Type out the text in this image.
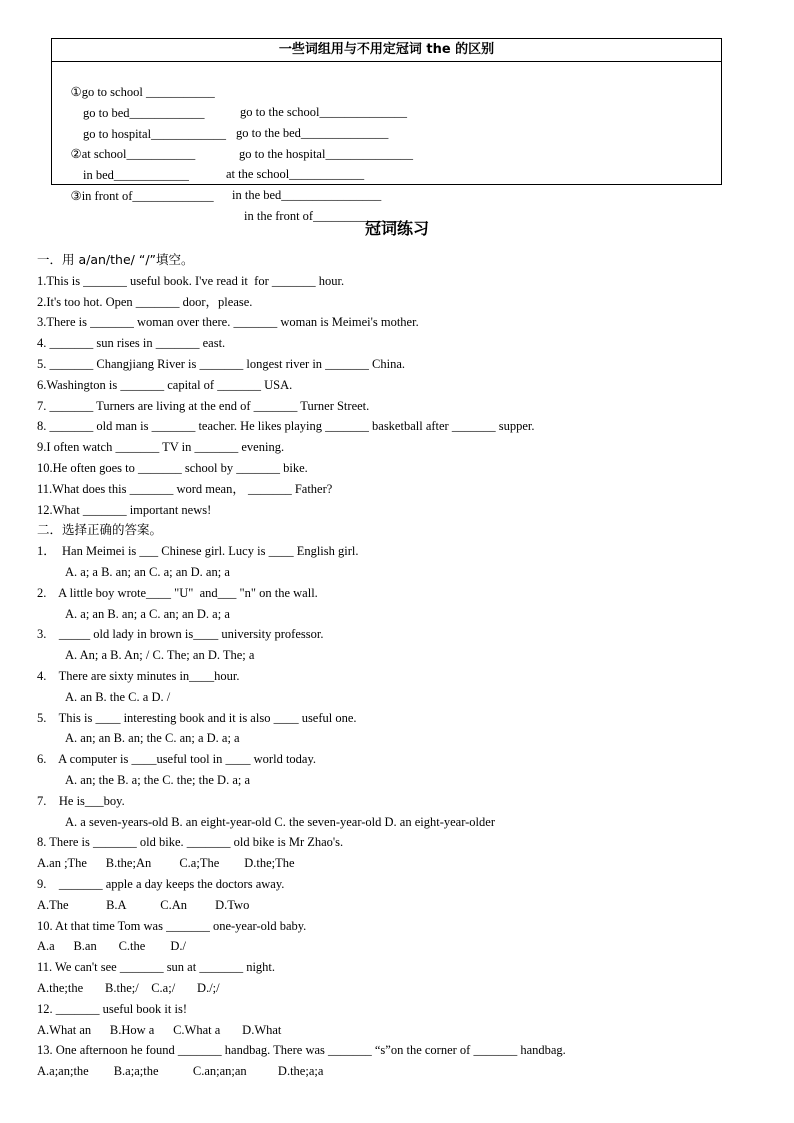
一些词组用与不用定冠词 the 的区别

①go to school ___________

go to the school______________

go to bed____________

go to the bed______________

go to hospital____________

go to the hospital______________

②at school___________

at the school____________

in bed____________

in the bed________________

③in front of_____________

in the front of______________

冠词练习
一．用 a/an/the/ “/”填空。
1.This is _______ useful book. I've read it  for _______ hour.
2.It's too hot. Open _______ door，please.
3.There is _______ woman over there. _______ woman is Meimei's mother.
4. _______ sun rises in _______ east.
5. _______ Changjiang River is _______ longest river in _______ China.
6.Washington is _______ capital of _______ USA.
7. _______ Turners are living at the end of _______ Turner Street.
8. _______ old man is _______ teacher. He likes playing _______ basketball after _______ supper.
9.I often watch _______ TV in _______ evening.
10.He often goes to _______ school by _______ bike.
11.What does this _______ word mean， _______ Father?
12.What _______ important news!
二．选择正确的答案。
1．  Han Meimei is ___ Chinese girl. Lucy is ____ English girl.
A. a; a B. an; an C. a; an D. an; a
2.    A little boy wrote____ "U"  and___ "n" on the wall.
A. a; an B. an; a C. an; an D. a; a
3.    _____ old lady in brown is____ university professor.
A. An; a B. An; / C. The; an D. The; a
4.    There are sixty minutes in____hour.
A. an B. the C. a D. /
5.    This is ____ interesting book and it is also ____ useful one.
A. an; an B. an; the C. an; a D. a; a
6.    A computer is ____useful tool in ____ world today.
A. an; the B. a; the C. the; the D. a; a
7.    He is___boy.
A. a seven-years-old B. an eight-year-old C. the seven-year-old D. an eight-year-older
8. There is _______ old bike. _______ old bike is Mr Zhao's.
A.an ;The      B.the;An         C.a;The        D.the;The
9.    _______ apple a day keeps the doctors away.
A.The            B.A           C.An         D.Two
10. At that time Tom was _______ one-year-old baby.
A.a      B.an       C.the        D./
11. We can't see _______ sun at _______ night.
A.the;the       B.the;/    C.a;/       D./;/
12. _______ useful book it is!
A.What an      B.How a      C.What a       D.What
13. One afternoon he found _______ handbag. There was _______ “s”on the corner of _______ handbag.
A.a;an;the        B.a;a;the           C.an;an;an          D.the;a;a
